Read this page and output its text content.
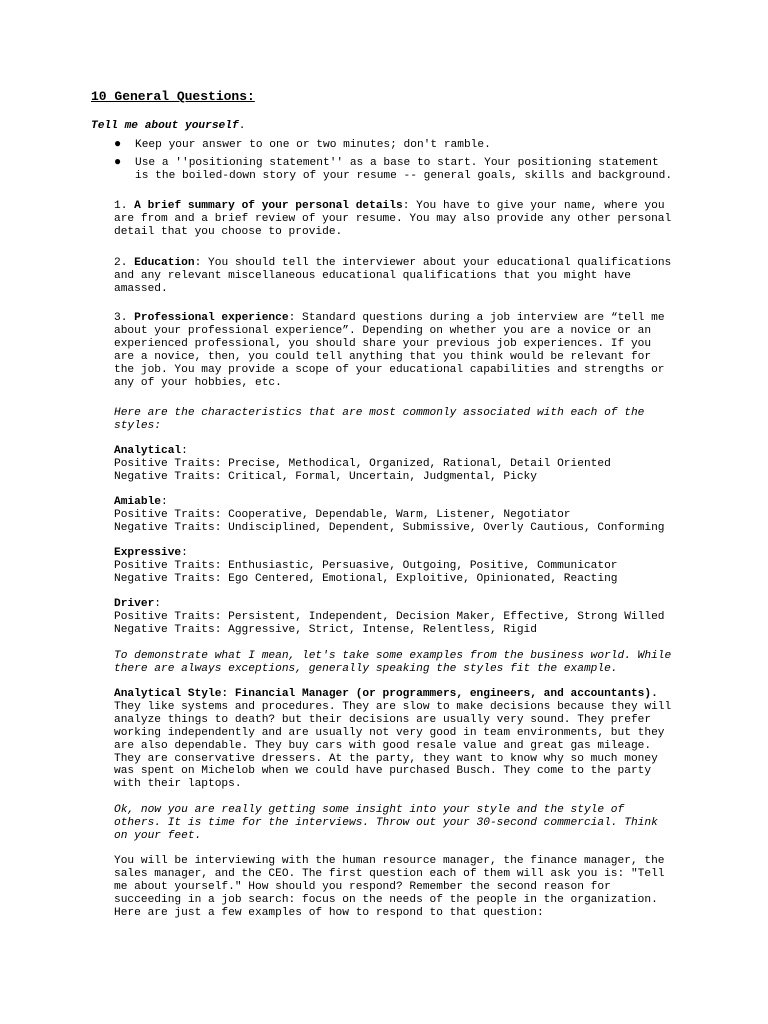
10 General Questions:
Tell me about yourself.
● Keep your answer to one or two minutes; don't ramble.
● Use a ''positioning statement'' as a base to start. Your positioning statement
is the boiled-down story of your resume -- general goals, skills and background.
1. A brief summary of your personal details: You have to give your name, where you
are from and a brief review of your resume. You may also provide any other personal
detail that you choose to provide.
2. Education: You should tell the interviewer about your educational qualifications
and any relevant miscellaneous educational qualifications that you might have
amassed.
3. Professional experience: Standard questions during a job interview are “tell me
about your professional experience”. Depending on whether you are a novice or an
experienced professional, you should share your previous job experiences. If you
are a novice, then, you could tell anything that you think would be relevant for
the job. You may provide a scope of your educational capabilities and strengths or
any of your hobbies, etc.
Here are the characteristics that are most commonly associated with each of the
styles:
Analytical:
Positive Traits: Precise, Methodical, Organized, Rational, Detail Oriented
Negative Traits: Critical, Formal, Uncertain, Judgmental, Picky
Amiable:
Positive Traits: Cooperative, Dependable, Warm, Listener, Negotiator
Negative Traits: Undisciplined, Dependent, Submissive, Overly Cautious, Conforming
Expressive:
Positive Traits: Enthusiastic, Persuasive, Outgoing, Positive, Communicator
Negative Traits: Ego Centered, Emotional, Exploitive, Opinionated, Reacting
Driver:
Positive Traits: Persistent, Independent, Decision Maker, Effective, Strong Willed
Negative Traits: Aggressive, Strict, Intense, Relentless, Rigid
To demonstrate what I mean, let's take some examples from the business world. While
there are always exceptions, generally speaking the styles fit the example.
Analytical Style: Financial Manager (or programmers, engineers, and accountants).
They like systems and procedures. They are slow to make decisions because they will
analyze things to death? but their decisions are usually very sound. They prefer
working independently and are usually not very good in team environments, but they
are also dependable. They buy cars with good resale value and great gas mileage.
They are conservative dressers. At the party, they want to know why so much money
was spent on Michelob when we could have purchased Busch. They come to the party
with their laptops.
Ok, now you are really getting some insight into your style and the style of
others. It is time for the interviews. Throw out your 30-second commercial. Think
on your feet.
You will be interviewing with the human resource manager, the finance manager, the
sales manager, and the CEO. The first question each of them will ask you is: "Tell
me about yourself." How should you respond? Remember the second reason for
succeeding in a job search: focus on the needs of the people in the organization.
Here are just a few examples of how to respond to that question:
